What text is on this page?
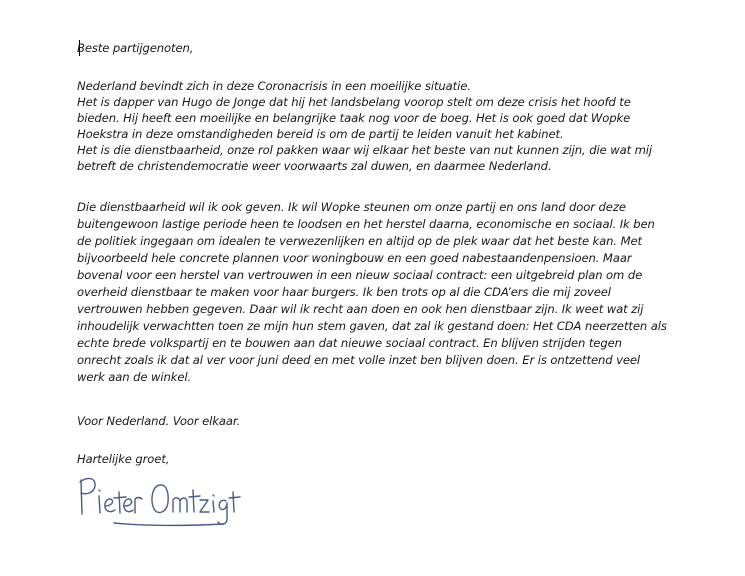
Beste partijgenoten,
Nederland bevindt zich in deze Coronacrisis in een moeilijke situatie.
Het is dapper van Hugo de Jonge dat hij het landsbelang voorop stelt om deze crisis het hoofd te
bieden. Hij heeft een moeilijke en belangrijke taak nog voor de boeg. Het is ook goed dat Wopke
Hoekstra in deze omstandigheden bereid is om de partij te leiden vanuit het kabinet.
Het is die dienstbaarheid, onze rol pakken waar wij elkaar het beste van nut kunnen zijn, die wat mij
betreft de christendemocratie weer voorwaarts zal duwen, en daarmee Nederland.
Die dienstbaarheid wil ik ook geven. Ik wil Wopke steunen om onze partij en ons land door deze
buitengewoon lastige periode heen te loodsen en het herstel daarna, economische en sociaal. Ik ben
de politiek ingegaan om idealen te verwezenlijken en altijd op de plek waar dat het beste kan. Met
bijvoorbeeld hele concrete plannen voor woningbouw en een goed nabestaandenpensioen. Maar
bovenal voor een herstel van vertrouwen in een nieuw sociaal contract: een uitgebreid plan om de
overheid dienstbaar te maken voor haar burgers. Ik ben trots op al die CDA’ers die mij zoveel
vertrouwen hebben gegeven. Daar wil ik recht aan doen en ook hen dienstbaar zijn. Ik weet wat zij
inhoudelijk verwachtten toen ze mijn hun stem gaven, dat zal ik gestand doen: Het CDA neerzetten als
echte brede volkspartij en te bouwen aan dat nieuwe sociaal contract. En blijven strijden tegen
onrecht zoals ik dat al ver voor juni deed en met volle inzet ben blijven doen. Er is ontzettend veel
werk aan de winkel.
Voor Nederland. Voor elkaar.
Hartelijke groet,
